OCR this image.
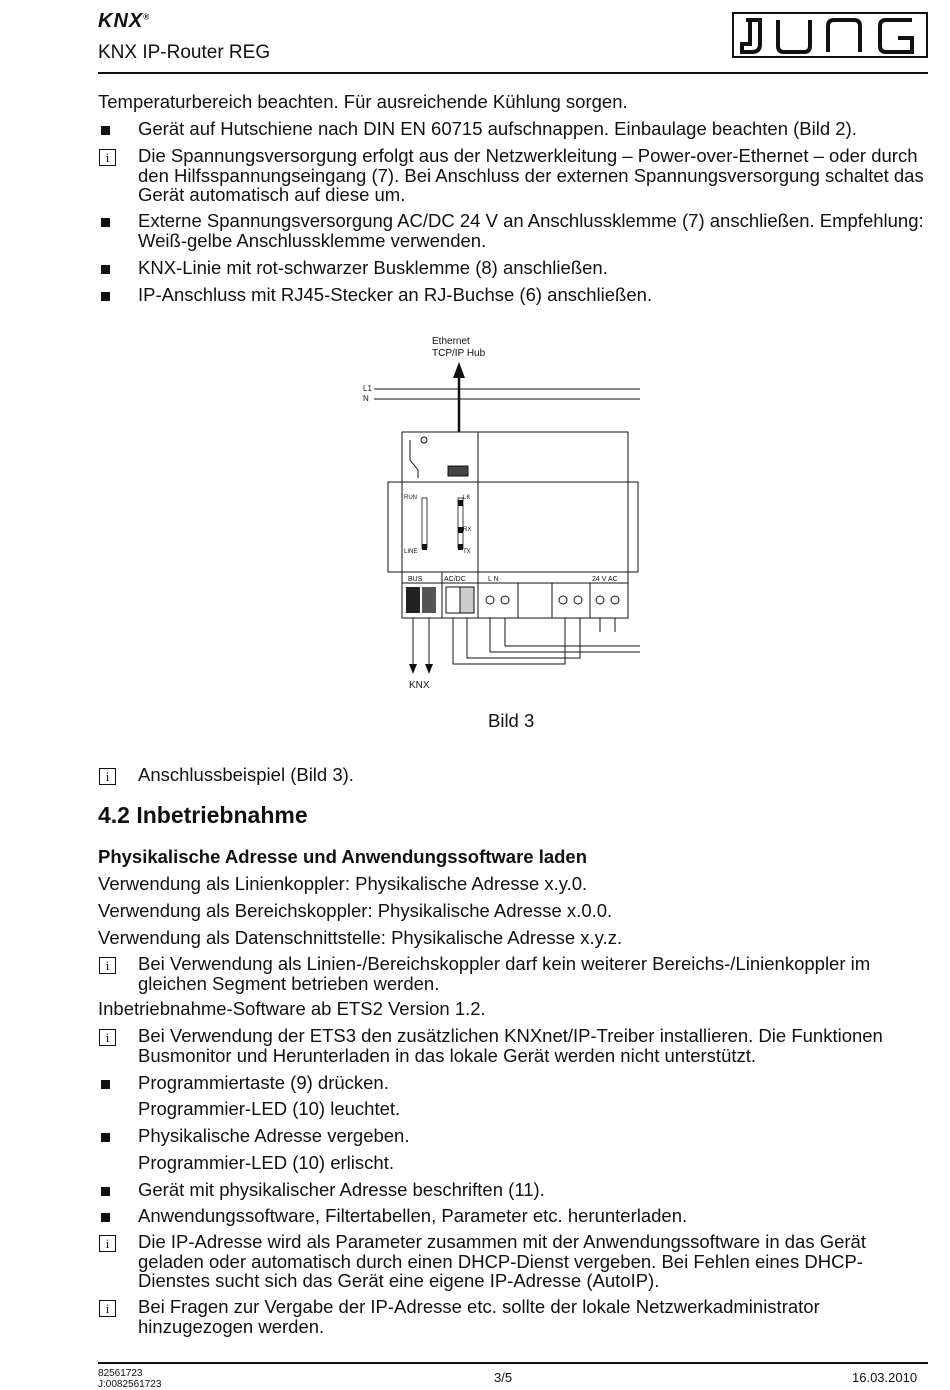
KNX®
KNX IP-Router REG
Temperaturbereich beachten. Für ausreichende Kühlung sorgen.
Gerät auf Hutschiene nach DIN EN 60715 aufschnappen. Einbaulage beachten (Bild 2).
i	Die Spannungsversorgung erfolgt aus der Netzwerkleitung – Power-over-Ethernet – oder durch den Hilfsspannungseingang (7). Bei Anschluss der externen Spannungsversorgung schaltet das Gerät automatisch auf diese um.
Externe Spannungsversorgung AC/DC 24 V an Anschlussklemme (7) anschließen. Empfehlung: Weiß-gelbe Anschlussklemme verwenden.
KNX-Linie mit rot-schwarzer Busklemme (8) anschließen.
IP-Anschluss mit RJ45-Stecker an RJ-Buchse (6) anschließen.
Ethernet
TCP/IP Hub
L1
N
RUN	LK
RX
TX
LINE
BUS	AC/DC	L N	24 V AC
KNX
Bild 3
i	Anschlussbeispiel (Bild 3).
4.2 Inbetriebnahme
Physikalische Adresse und Anwendungssoftware laden
Verwendung als Linienkoppler: Physikalische Adresse x.y.0.
Verwendung als Bereichskoppler: Physikalische Adresse x.0.0.
Verwendung als Datenschnittstelle: Physikalische Adresse x.y.z.
i	Bei Verwendung als Linien-/Bereichskoppler darf kein weiterer Bereichs-/Linienkoppler im gleichen Segment betrieben werden.
Inbetriebnahme-Software ab ETS2 Version 1.2.
i	Bei Verwendung der ETS3 den zusätzlichen KNXnet/IP-Treiber installieren. Die Funktionen Busmonitor und Herunterladen in das lokale Gerät werden nicht unterstützt.
Programmiertaste (9) drücken.
Programmier-LED (10) leuchtet.
Physikalische Adresse vergeben.
Programmier-LED (10) erlischt.
Gerät mit physikalischer Adresse beschriften (11).
Anwendungssoftware, Filtertabellen, Parameter etc. herunterladen.
i	Die IP-Adresse wird als Parameter zusammen mit der Anwendungssoftware in das Gerät geladen oder automatisch durch einen DHCP-Dienst vergeben. Bei Fehlen eines DHCP-Dienstes sucht sich das Gerät eine eigene IP-Adresse (AutoIP).
i	Bei Fragen zur Vergabe der IP-Adresse etc. sollte der lokale Netzwerkadministrator hinzugezogen werden.
82561723
J:0082561723	3/5	16.03.2010
